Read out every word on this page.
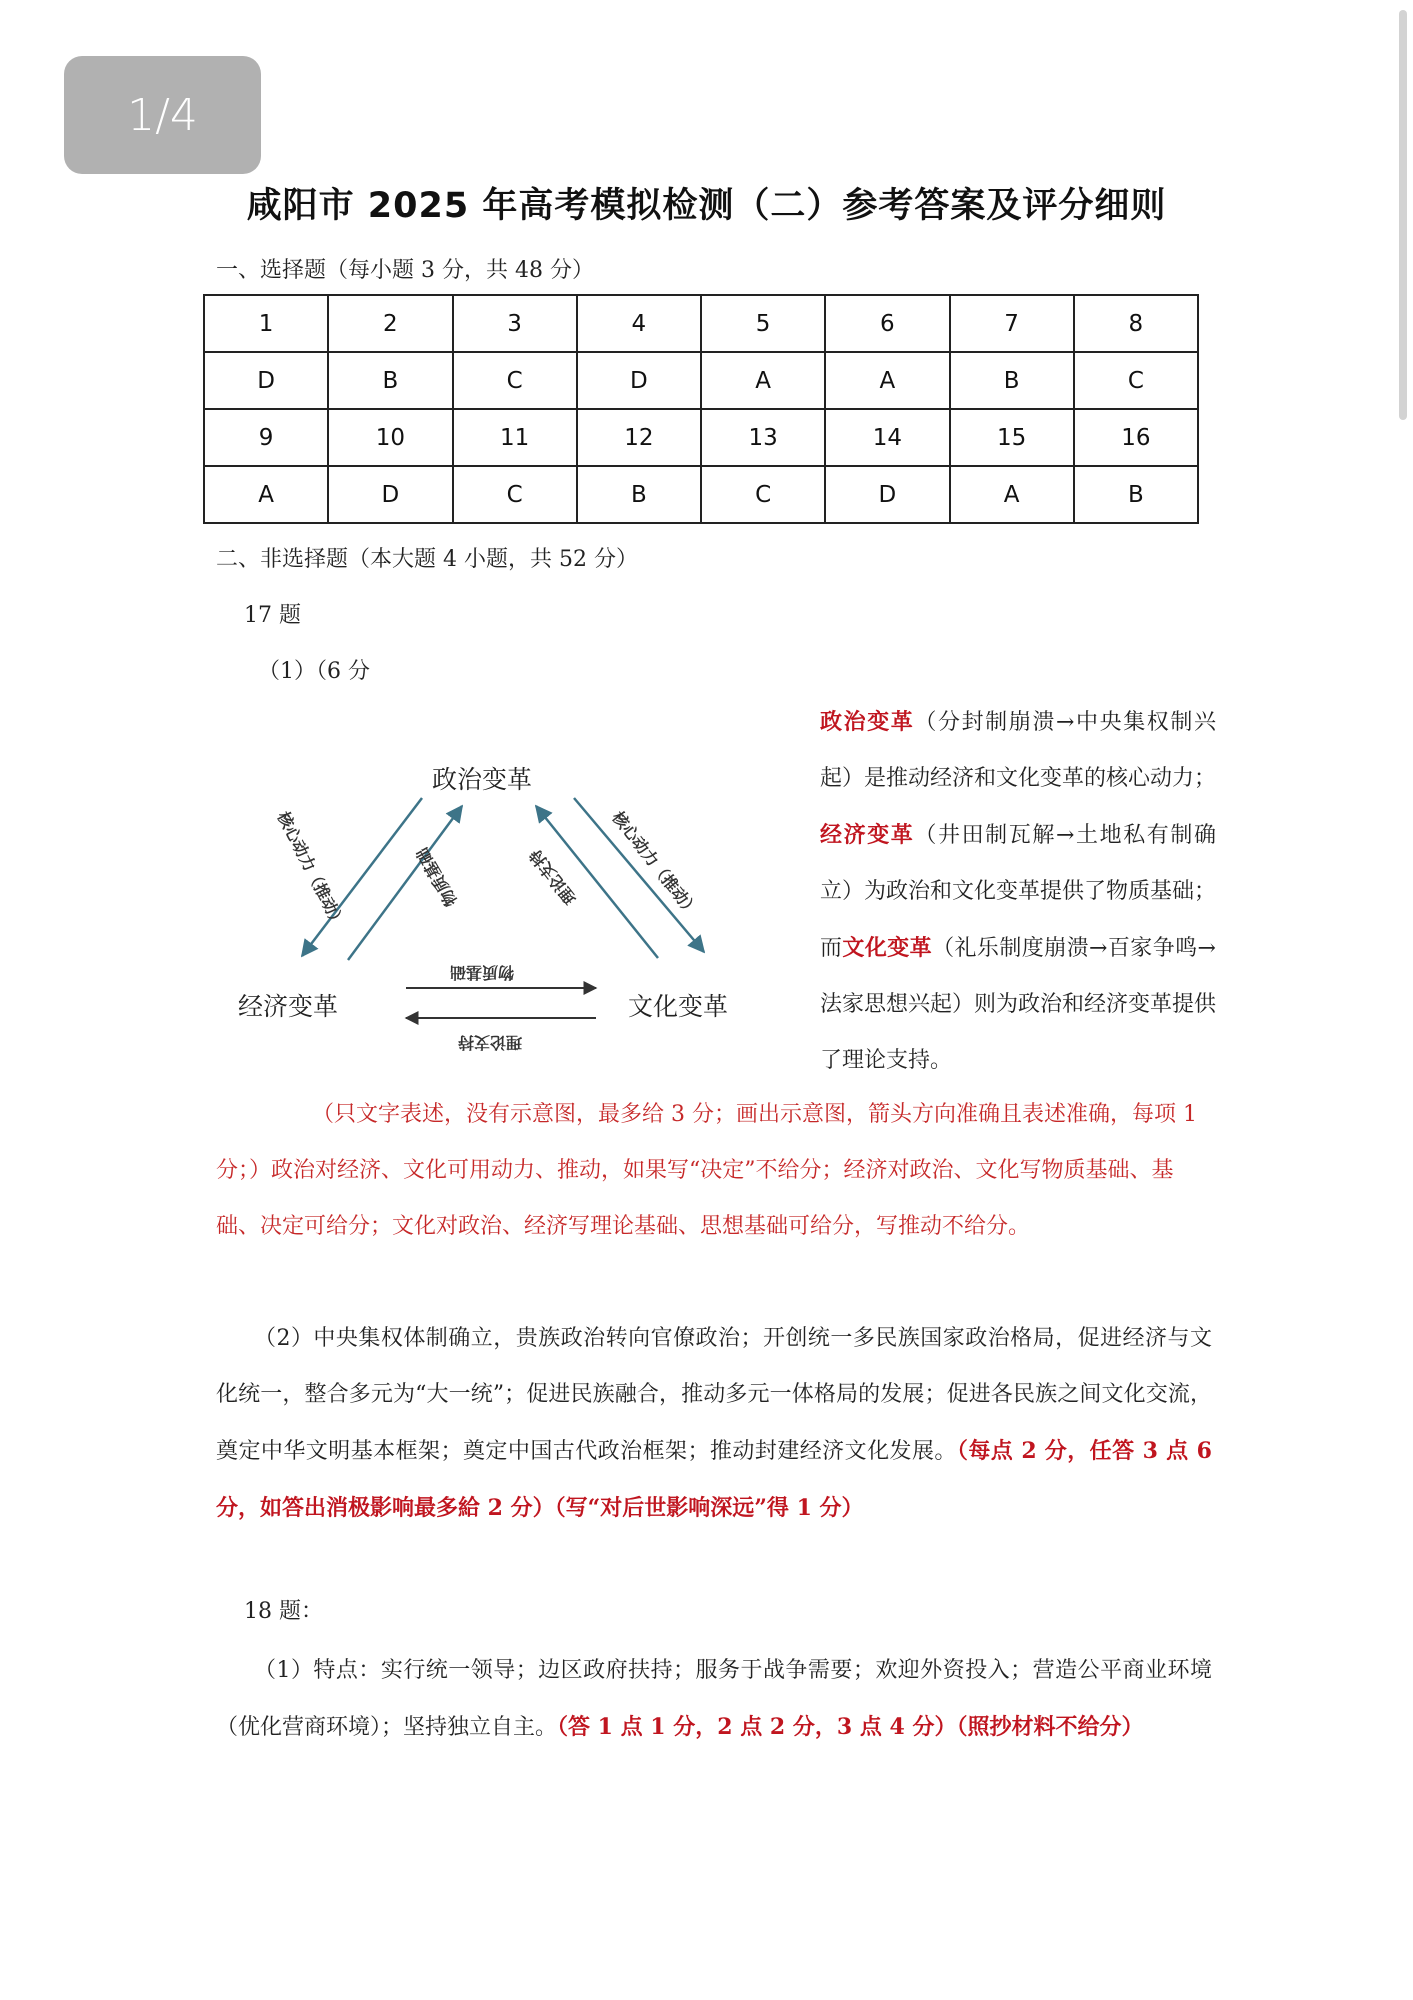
1/4
咸阳市 2025 年高考模拟检测（二）参考答案及评分细则
一、选择题（每小题 3 分，共 48 分）
1	2	3	4	5	6	7	8
D	B	C	D	A	A	B	C
9	10	11	12	13	14	15	16
A	D	C	B	C	D	A	B
二、非选择题（本大题 4 小题，共 52 分）
17 题
（1）（6 分
政治变革
经济变革	文化变革
核心动力（推动）	物质基础	理论支持 核心动力（推动）
物质基础
理论支持
政治变革（分封制崩溃→中央集权制兴起）是推动经济和文化变革的核心动力；经济变革（井田制瓦解→土地私有制确立）为政治和文化变革提供了物质基础；而文化变革（礼乐制度崩溃→百家争鸣→法家思想兴起）则为政治和经济变革提供了理论支持。
（只文字表述，没有示意图，最多给 3 分；画出示意图，箭头方向准确且表述准确，每项 1 分；）政治对经济、文化可用动力、推动，如果写“决定”不给分；经济对政治、文化写物质基础、基础、决定可给分；文化对政治、经济写理论基础、思想基础可给分，写推动不给分。
（2）中央集权体制确立，贵族政治转向官僚政治；开创统一多民族国家政治格局，促进经济与文化统一，整合多元为“大一统”；促进民族融合，推动多元一体格局的发展；促进各民族之间文化交流，奠定中华文明基本框架；奠定中国古代政治框架；推动封建经济文化发展。（每点 2 分，任答 3 点 6 分，如答出消极影响最多給 2 分）（写“对后世影响深远”得 1 分）
18 题：
（1）特点：实行统一领导；边区政府扶持；服务于战争需要；欢迎外资投入；营造公平商业环境（优化营商环境）；坚持独立自主。（答 1 点 1 分，2 点 2 分，3 点 4 分）（照抄材料不给分）
